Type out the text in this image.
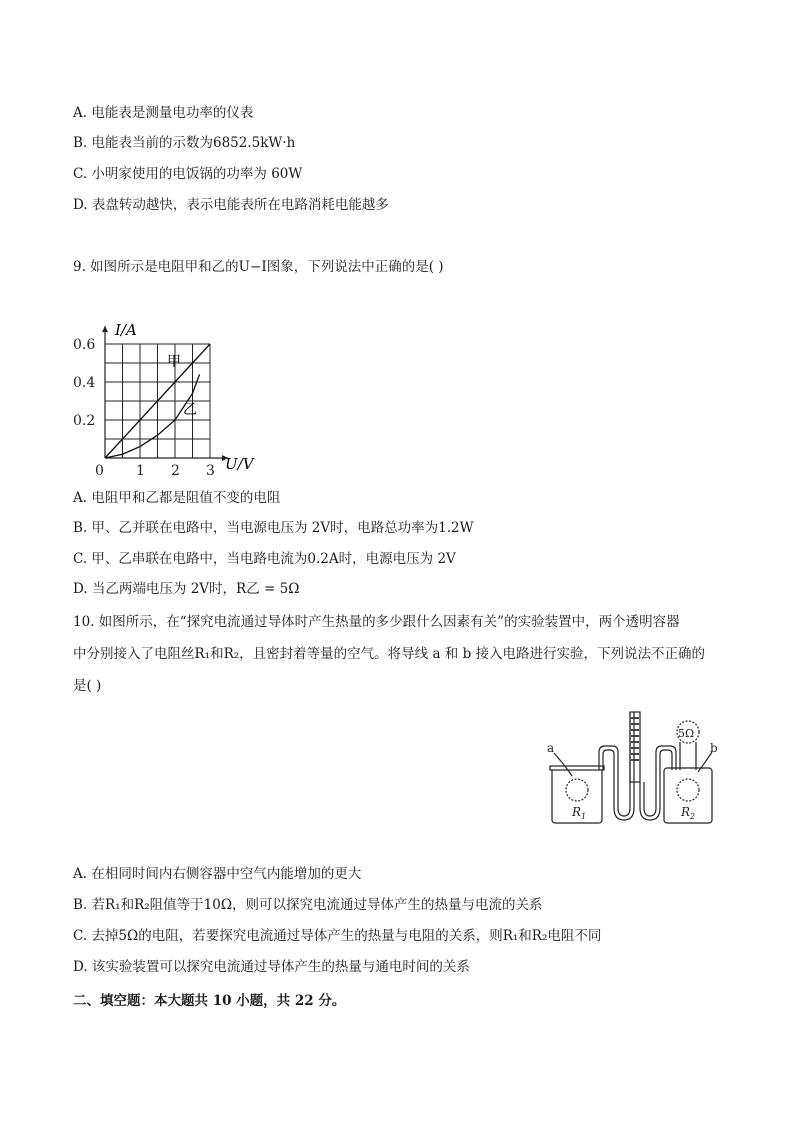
A. 电能表是测量电功率的仪表
B. 电能表当前的示数为6852.5kW·h
C. 小明家使用的电饭锅的功率为 60W
D. 表盘转动越快，表示电能表所在电路消耗电能越多
9. 如图所示是电阻甲和乙的U−I图象，下列说法中正确的是( )
0 1 2 3
0.2
0.4
0.6
I/A
U/V
甲
乙
A. 电阻甲和乙都是阻值不变的电阻
B. 甲、乙并联在电路中，当电源电压为 2V时，电路总功率为1.2W
C. 甲、乙串联在电路中，当电路电流为0.2A时，电源电压为 2V
D. 当乙两端电压为 2V时，R乙 = 5Ω
10. 如图所示，在“探究电流通过导体时产生热量的多少跟什么因素有关”的实验装置中，两个透明容器
中分别接入了电阻丝R₁和R₂，且密封着等量的空气。将导线 a 和 b 接入电路进行实验，下列说法不正确的
是( )
$R_1$
a
$R_2$
5Ω
b
A. 在相同时间内右侧容器中空气内能增加的更大
B. 若R₁和R₂阻值等于10Ω，则可以探究电流通过导体产生的热量与电流的关系
C. 去掉5Ω的电阻，若要探究电流通过导体产生的热量与电阻的关系，则R₁和R₂电阻不同
D. 该实验装置可以探究电流通过导体产生的热量与通电时间的关系
二、填空题：本大题共 10 小题，共 22 分。
